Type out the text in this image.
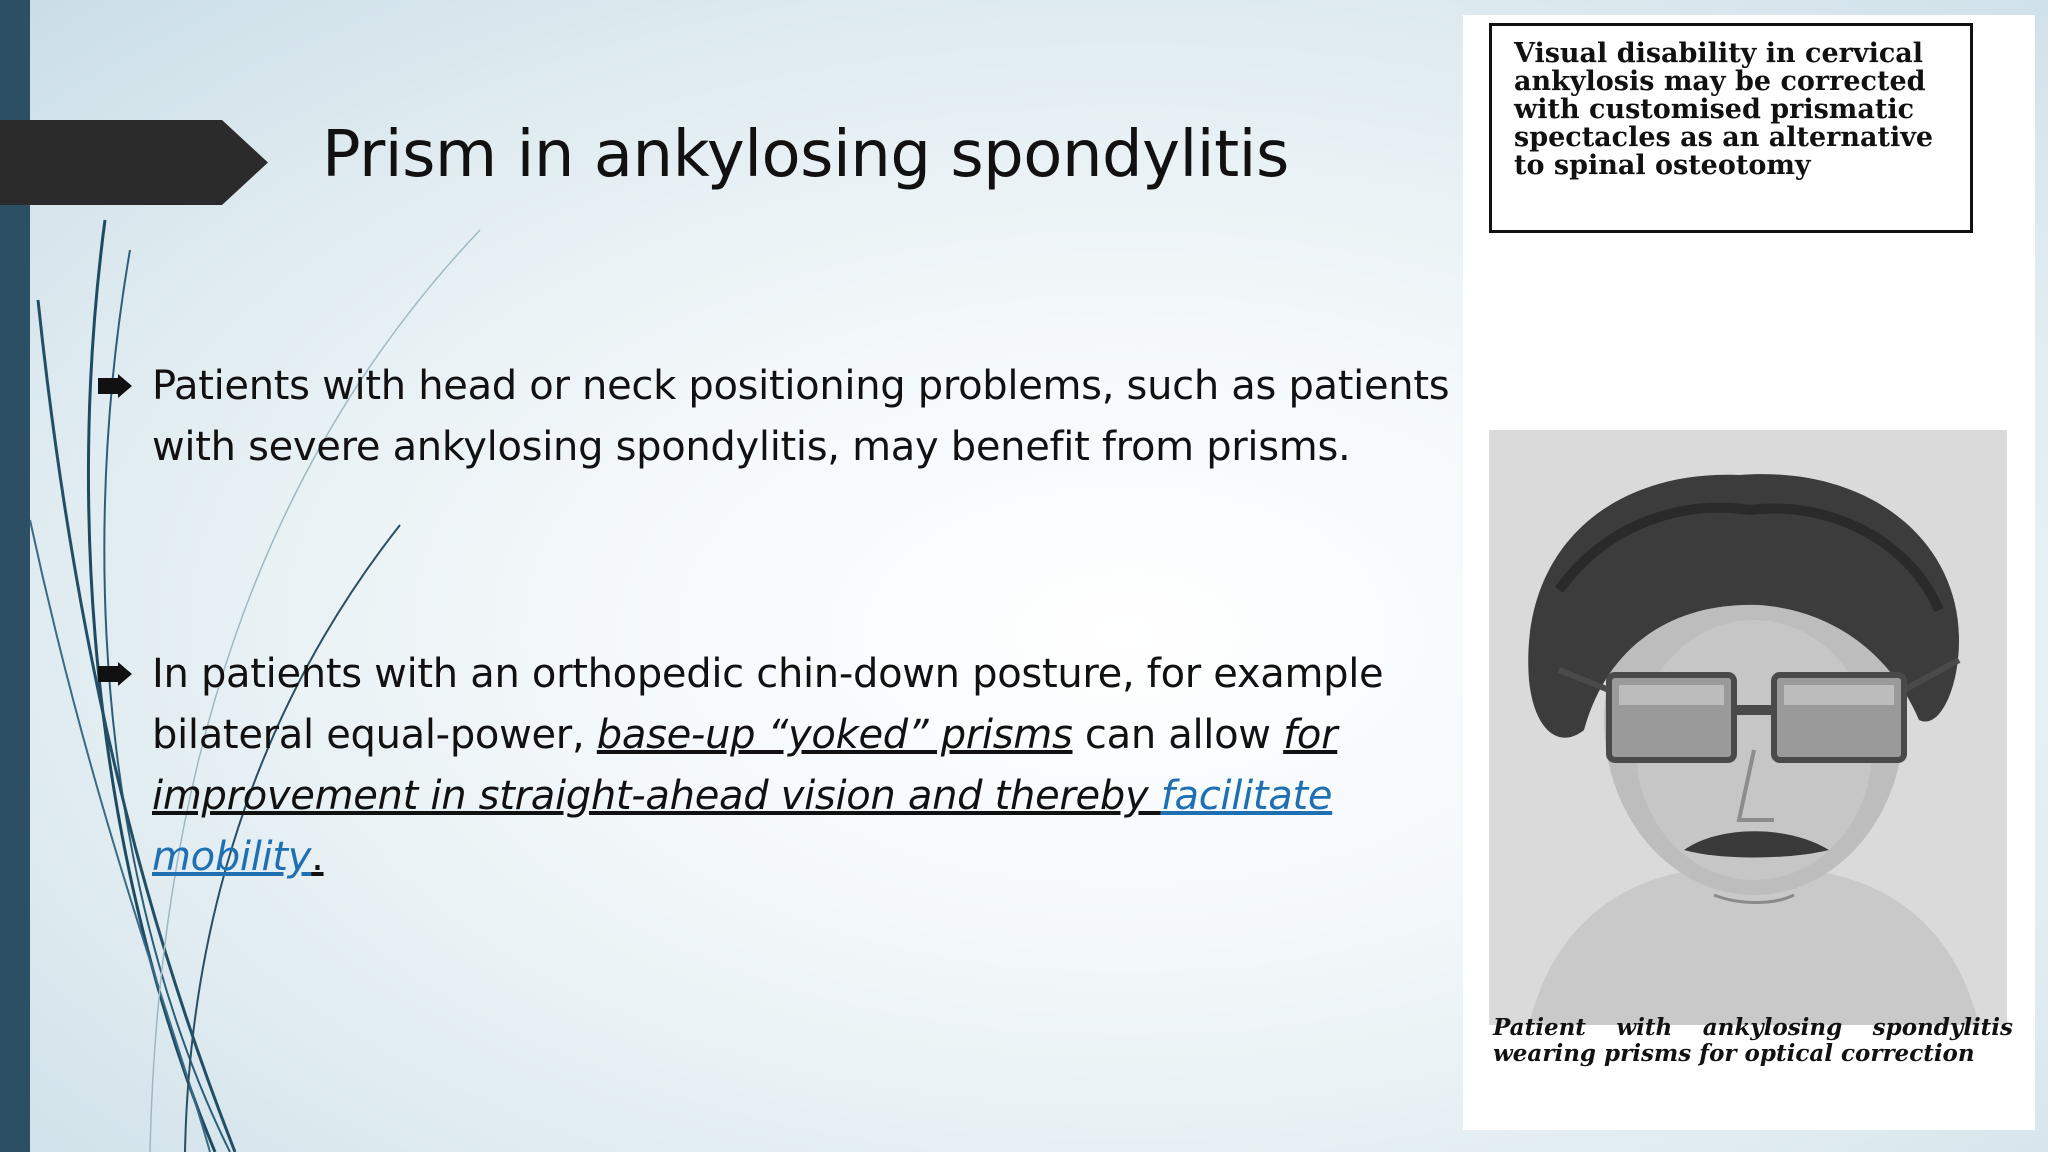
Prism in ankylosing spondylitis
Patients with head or neck positioning problems, such as patients with severe ankylosing spondylitis, may benefit from prisms.
In patients with an orthopedic chin-down posture, for example bilateral equal-power, base-up “yoked” prisms can allow for improvement in straight-ahead vision and thereby facilitate mobility.
Visual disability in cervical ankylosis may be corrected with customised prismatic spectacles as an alternative to spinal osteotomy
Patient with ankylosing spondylitis wearing prisms for optical correction
